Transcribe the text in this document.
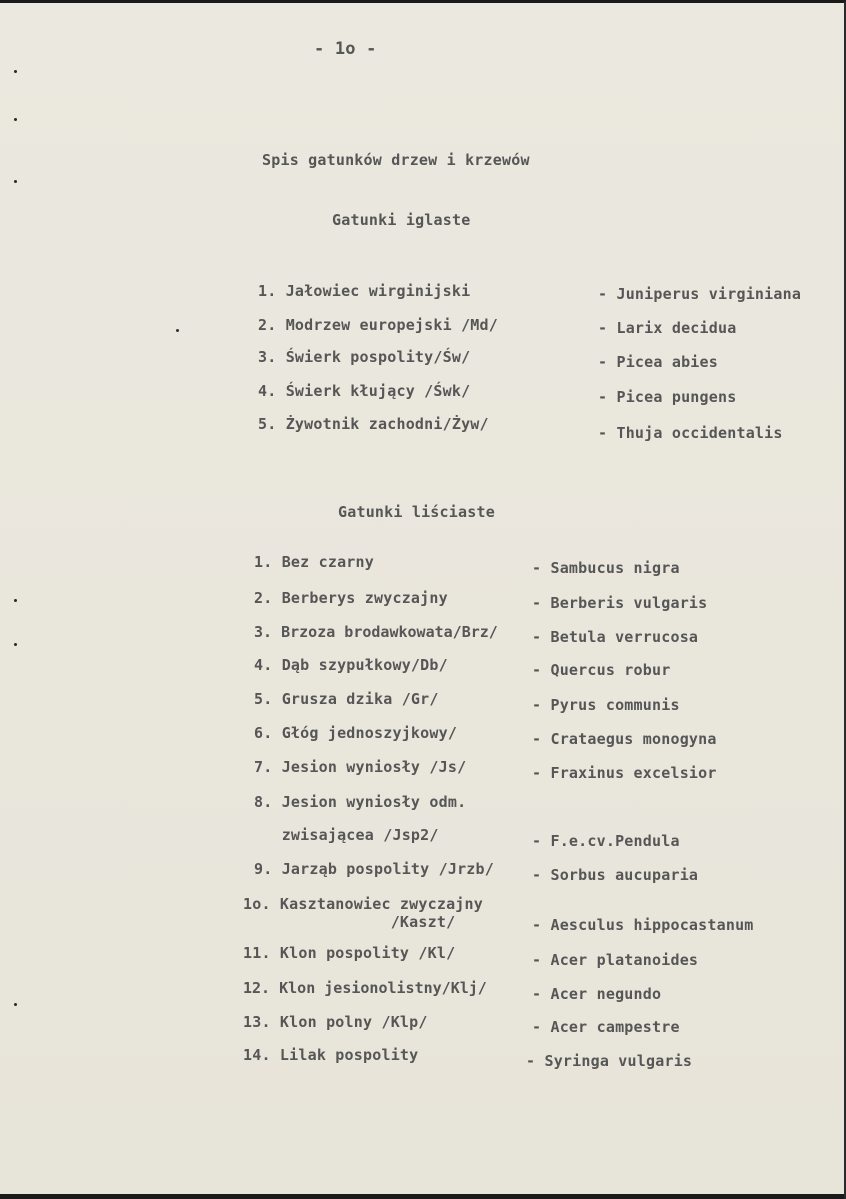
- 1o -
Spis gatunków drzew i krzewów
Gatunki iglaste
1. Jałowiec wirginijski	- Juniperus virginiana
2. Modrzew europejski /Md/	- Larix decidua
3. Świerk pospolity/Św/	- Picea abies
4. Świerk kłujący /Śwk/	- Picea pungens
5. Żywotnik zachodni/Żyw/	- Thuja occidentalis
Gatunki liściaste
1. Bez czarny	- Sambucus nigra
2. Berberys zwyczajny	- Berberis vulgaris
3. Brzoza brodawkowata/Brz/ - Betula verrucosa
4. Dąb szypułkowy/Db/	- Quercus robur
5. Grusza dzika /Gr/	- Pyrus communis
6. Głóg jednoszyjkowy/	- Crataegus monogyna
7. Jesion wyniosły /Js/	- Fraxinus excelsior
8. Jesion wyniosły odm.
zwisającea /Jsp2/	- F.e.cv.Pendula
9. Jarząb pospolity /Jrzb/	- Sorbus aucuparia
1o. Kasztanowiec zwyczajny
/Kaszt/	- Aesculus hippocastanum
11. Klon pospolity /Kl/	- Acer platanoides
12. Klon jesionolistny/Klj/	- Acer negundo
13. Klon polny /Klp/	- Acer campestre
14. Lilak pospolity	- Syringa vulgaris
